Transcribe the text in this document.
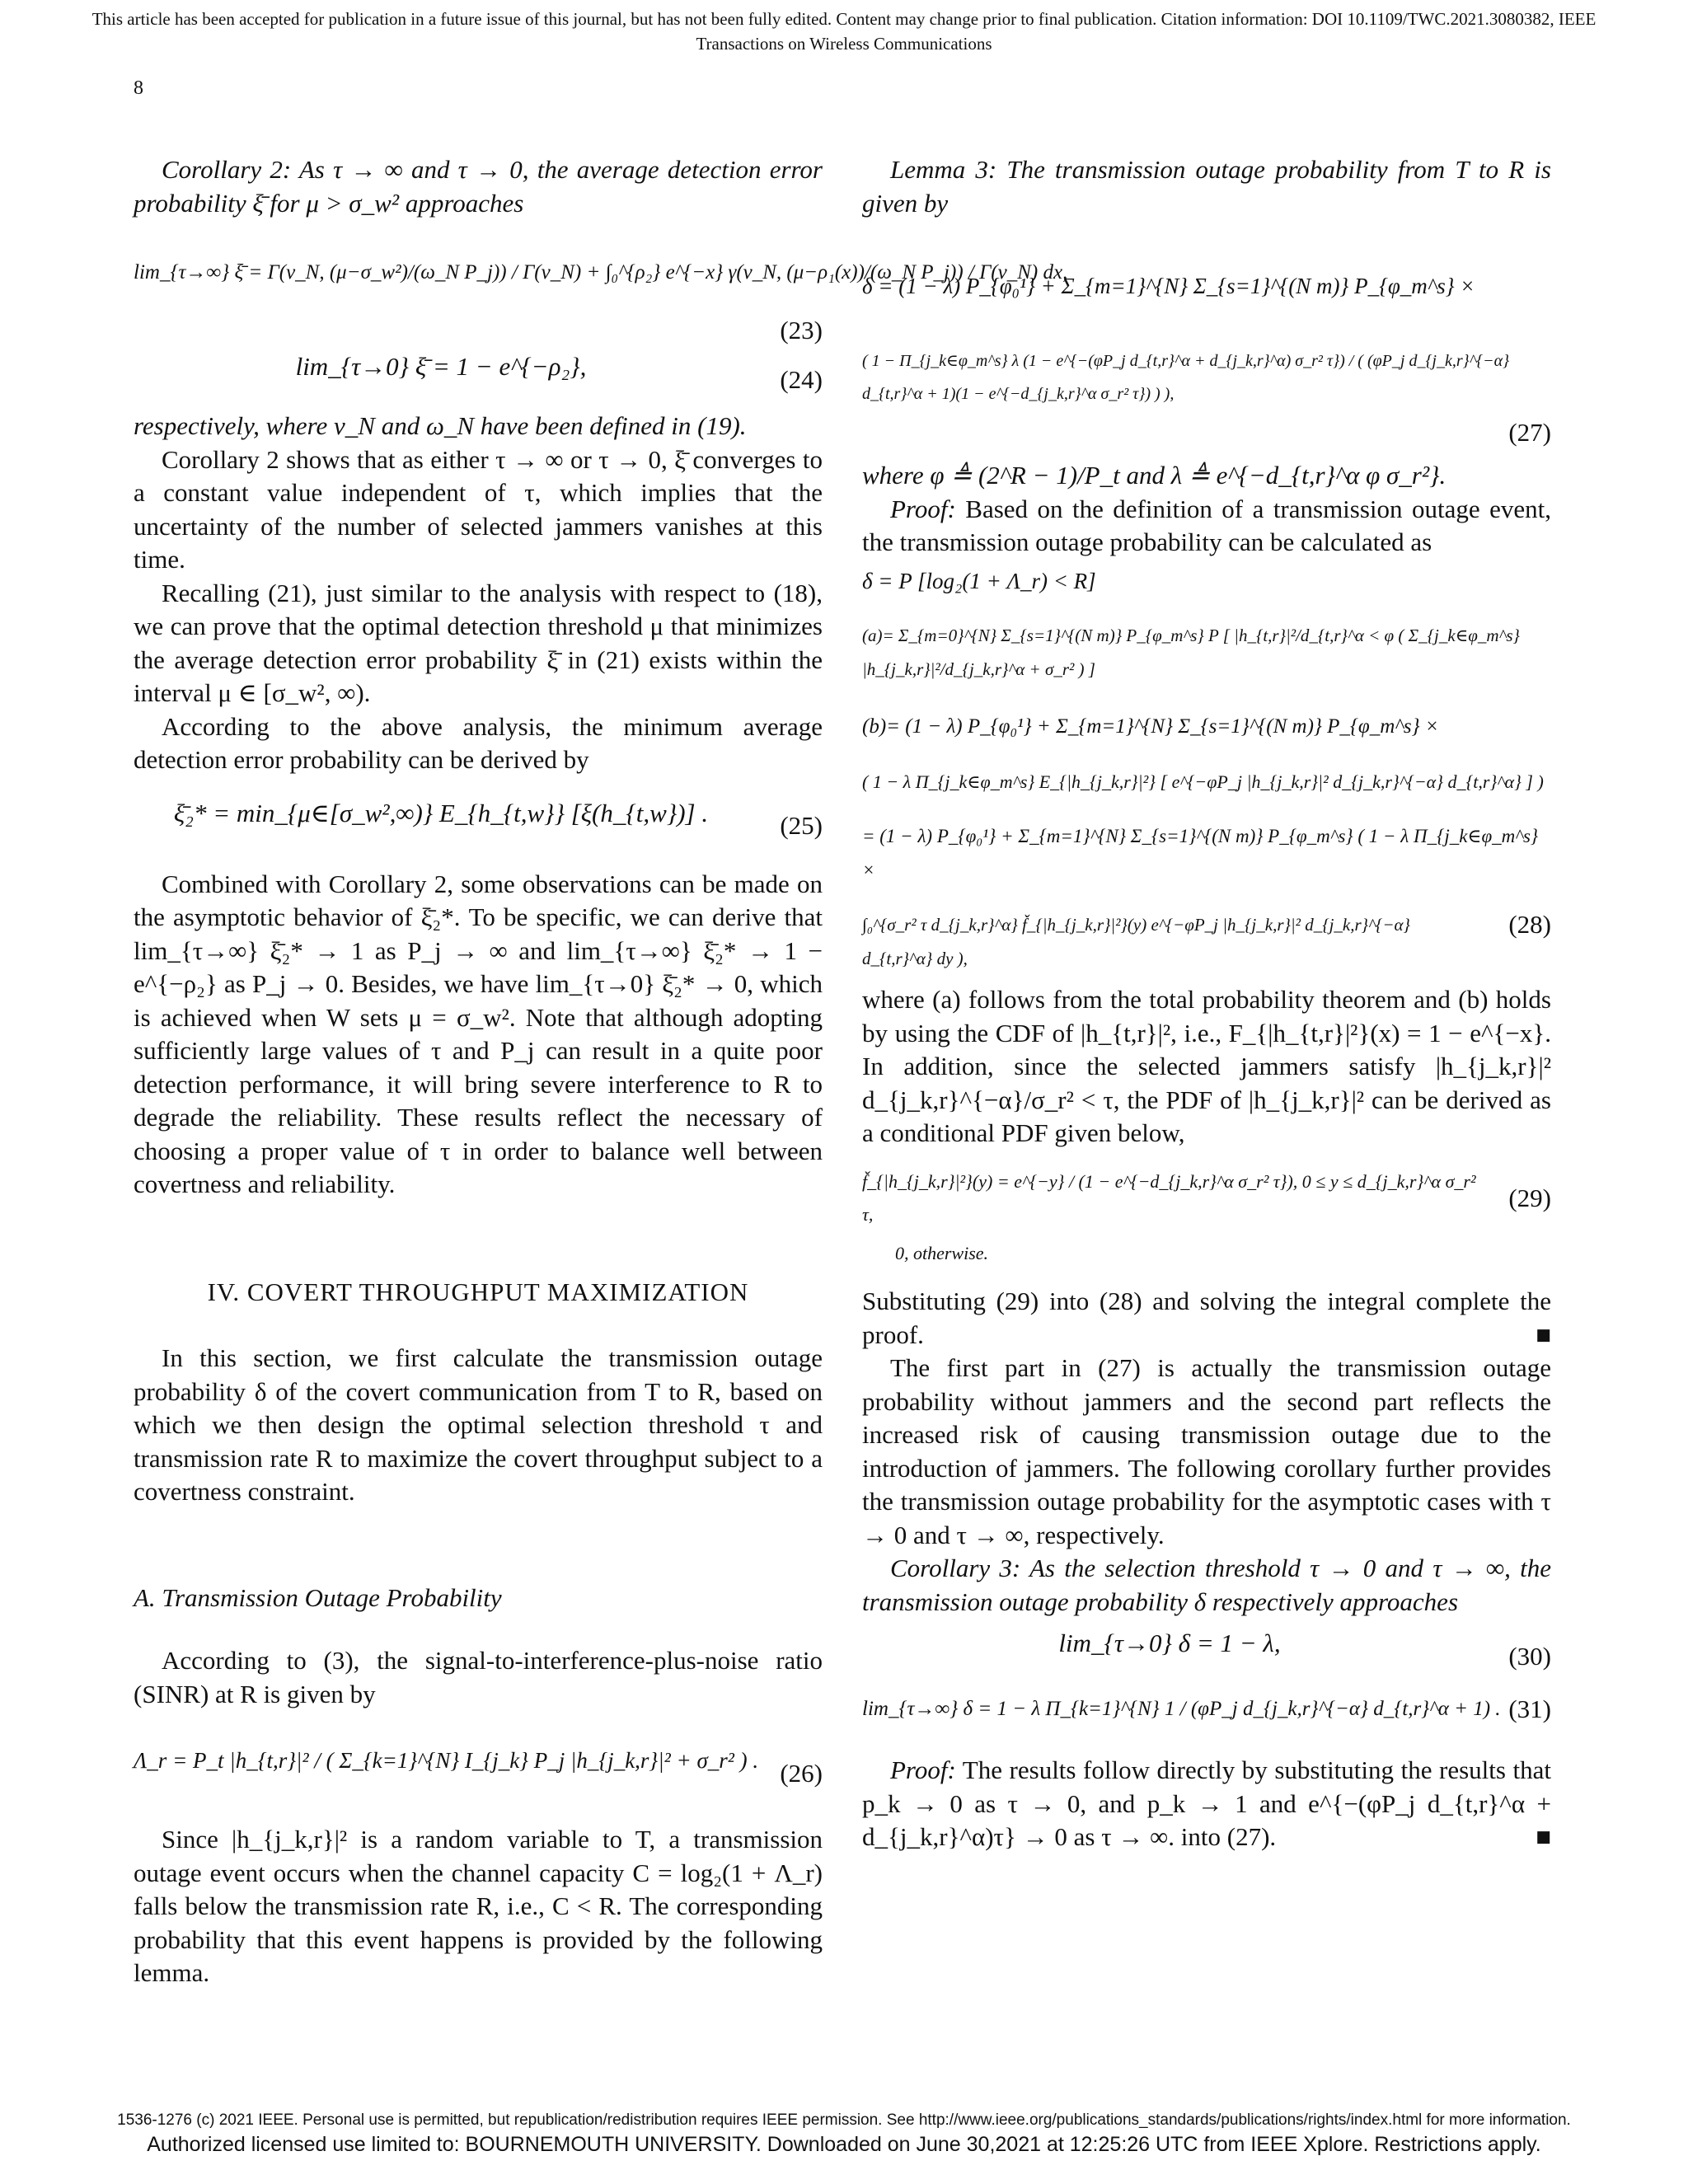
This article has been accepted for publication in a future issue of this journal, but has not been fully edited. Content may change prior to final publication. Citation information: DOI 10.1109/TWC.2021.3080382, IEEE
Transactions on Wireless Communications
8

Corollary 2: As τ → ∞ and τ → 0, the average detection error probability ξ̄ for μ > σ_w² approaches

lim_{τ→∞} ξ̄ = Γ(v_N, (μ−σ_w²)/(ω_N P_j)) / Γ(v_N) + ∫₀^{ρ₂} e^{−x} γ(v_N, (μ−ρ₁(x))/(ω_N P_j)) / Γ(v_N) dx,
(23)
lim_{τ→0} ξ̄ = 1 − e^{−ρ₂},	(24)

respectively, where v_N and ω_N have been defined in (19).

Corollary 2 shows that as either τ → ∞ or τ → 0, ξ̄ converges to a constant value independent of τ, which implies that the uncertainty of the number of selected jammers vanishes at this time.

Recalling (21), just similar to the analysis with respect to (18), we can prove that the optimal detection threshold μ that minimizes the average detection error probability ξ̄ in (21) exists within the interval μ ∈ [σ_w², ∞).

According to the above analysis, the minimum average detection error probability can be derived by

ξ̄₂* = min_{μ∈[σ_w²,∞)} E_{h_{t,w}} [ξ(h_{t,w})] .	(25)

Combined with Corollary 2, some observations can be made on the asymptotic behavior of ξ̄₂*. To be specific, we can derive that lim_{τ→∞} ξ̄₂* → 1 as P_j → ∞ and lim_{τ→∞} ξ̄₂* → 1 − e^{−ρ₂} as P_j → 0. Besides, we have lim_{τ→0} ξ̄₂* → 0, which is achieved when W sets μ = σ_w². Note that although adopting sufficiently large values of τ and P_j can result in a quite poor detection performance, it will bring severe interference to R to degrade the reliability. These results reflect the necessary of choosing a proper value of τ in order to balance well between covertness and reliability.

IV. COVERT THROUGHPUT MAXIMIZATION

In this section, we first calculate the transmission outage probability δ of the covert communication from T to R, based on which we then design the optimal selection threshold τ and transmission rate R to maximize the covert throughput subject to a covertness constraint.

A. Transmission Outage Probability

According to (3), the signal-to-interference-plus-noise ratio (SINR) at R is given by

Λ_r = P_t |h_{t,r}|² / ( Σ_{k=1}^{N} I_{j_k} P_j |h_{j_k,r}|² + σ_r² ) . (26)

Since |h_{j_k,r}|² is a random variable to T, a transmission outage event occurs when the channel capacity C = log₂(1 + Λ_r) falls below the transmission rate R, i.e., C < R. The corresponding probability that this event happens is provided by the following lemma.

Lemma 3: The transmission outage probability from T to R is given by

δ = (1 − λ) P_{φ₀¹} + Σ_{m=1}^{N} Σ_{s=1}^{(N m)} P_{φ_m^s} ×
( 1 − Π_{j_k∈φ_m^s} λ (1 − e^{−(φP_j d_{t,r}^α + d_{j_k,r}^α) σ_r² τ}) / ( (φP_j d_{j_k,r}^{−α} d_{t,r}^α + 1)(1 − e^{−d_{j_k,r}^α σ_r² τ}) ) ),
(27)

where φ ≜ (2^R − 1)/P_t and λ ≜ e^{−d_{t,r}^α φ σ_r²}.

Proof: Based on the definition of a transmission outage event, the transmission outage probability can be calculated as

δ = P [log₂(1 + Λ_r) < R]
(a)= Σ_{m=0}^{N} Σ_{s=1}^{(N m)} P_{φ_m^s} P [ |h_{t,r}|²/d_{t,r}^α < φ ( Σ_{j_k∈φ_m^s} |h_{j_k,r}|²/d_{j_k,r}^α + σ_r² ) ]
(b)= (1 − λ) P_{φ₀¹} + Σ_{m=1}^{N} Σ_{s=1}^{(N m)} P_{φ_m^s} ×
( 1 − λ Π_{j_k∈φ_m^s} E_{|h_{j_k,r}|²} [ e^{−φP_j |h_{j_k,r}|² d_{j_k,r}^{−α} d_{t,r}^α} ] )
= (1 − λ) P_{φ₀¹} + Σ_{m=1}^{N} Σ_{s=1}^{(N m)} P_{φ_m^s} ( 1 − λ Π_{j_k∈φ_m^s} ×
∫₀^{σ_r² τ d_{j_k,r}^α} f̌_{|h_{j_k,r}|²}(y) e^{−φP_j |h_{j_k,r}|² d_{j_k,r}^{−α} d_{t,r}^α} dy ),
(28)

where (a) follows from the total probability theorem and (b) holds by using the CDF of |h_{t,r}|², i.e., F_{|h_{t,r}|²}(x) = 1 − e^{−x}. In addition, since the selected jammers satisfy |h_{j_k,r}|² d_{j_k,r}^{−α}/σ_r² < τ, the PDF of |h_{j_k,r}|² can be derived as a conditional PDF given below,

f̌_{|h_{j_k,r}|²}(y) = e^{−y} / (1 − e^{−d_{j_k,r}^α σ_r² τ}), 0 ≤ y ≤ d_{j_k,r}^α σ_r² τ,
0, otherwise.
(29)

Substituting (29) into (28) and solving the integral complete the proof.	■

The first part in (27) is actually the transmission outage probability without jammers and the second part reflects the increased risk of causing transmission outage due to the introduction of jammers. The following corollary further provides the transmission outage probability for the asymptotic cases with τ → 0 and τ → ∞, respectively.

Corollary 3: As the selection threshold τ → 0 and τ → ∞, the transmission outage probability δ respectively approaches

lim_{τ→0} δ = 1 − λ,	(30)
lim_{τ→∞} δ = 1 − λ Π_{k=1}^{N} 1 / (φP_j d_{j_k,r}^{−α} d_{t,r}^α + 1) . (31)

Proof: The results follow directly by substituting the results that p_k → 0 as τ → 0, and p_k → 1 and e^{−(φP_j d_{t,r}^α + d_{j_k,r}^α)τ} → 0 as τ → ∞. into (27).	■

1536-1276 (c) 2021 IEEE. Personal use is permitted, but republication/redistribution requires IEEE permission. See http://www.ieee.org/publications_standards/publications/rights/index.html for more information.
Authorized licensed use limited to: BOURNEMOUTH UNIVERSITY. Downloaded on June 30,2021 at 12:25:26 UTC from IEEE Xplore. Restrictions apply.
